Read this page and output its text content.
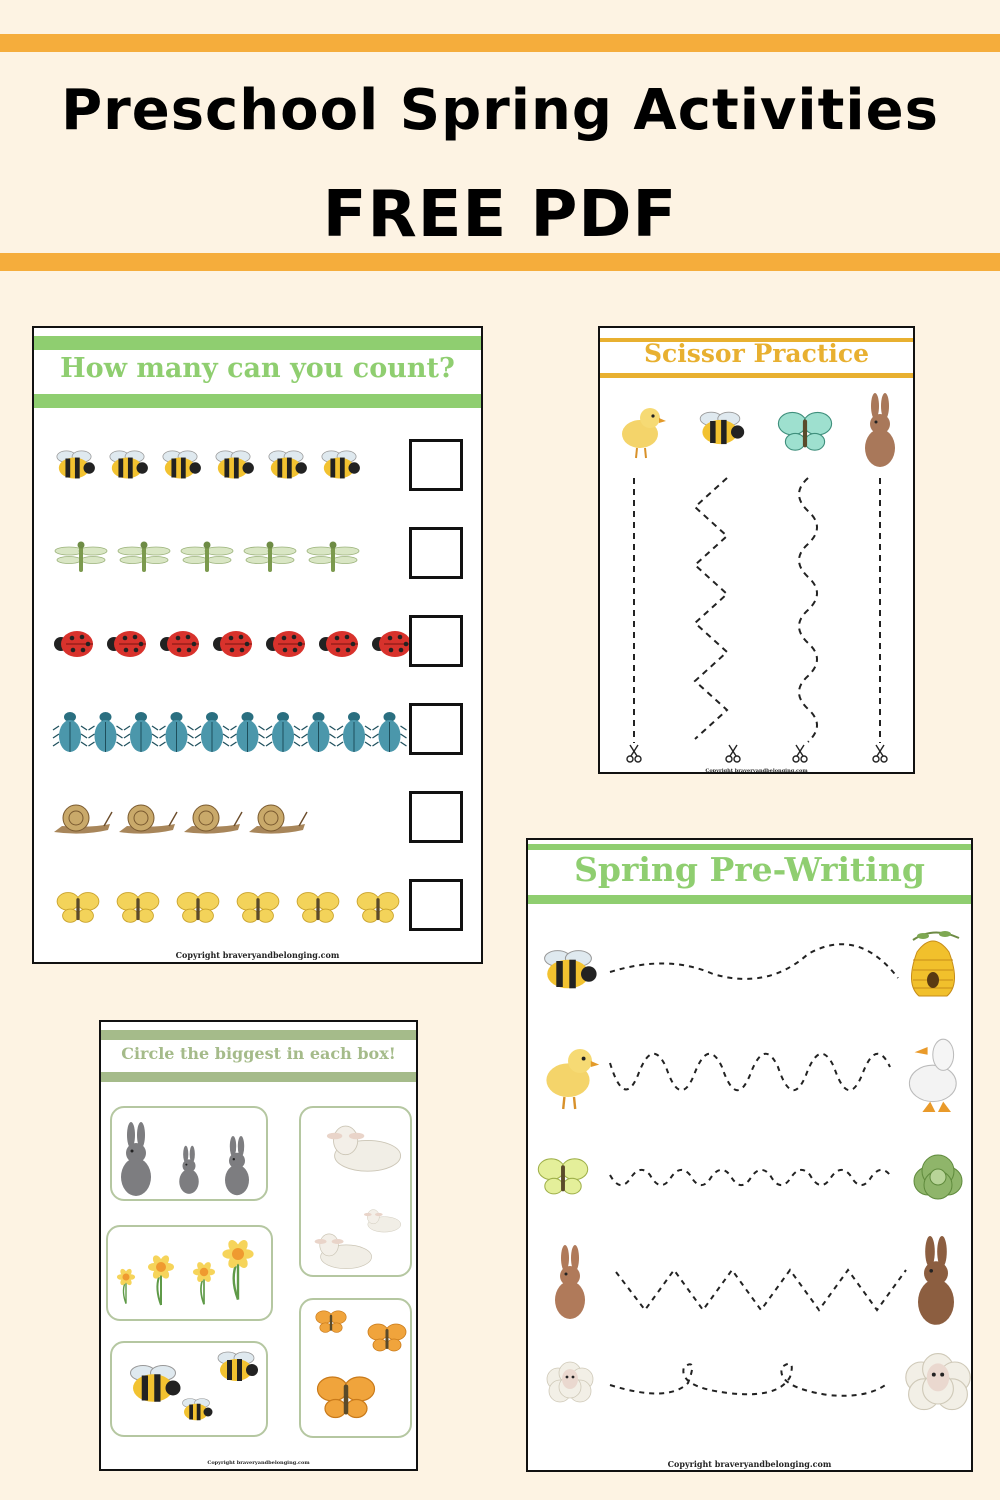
Preschool Spring Activities
FREE PDF
How many can you count?
Copyright braveryandbelonging.com
Scissor Practice
Copyright braveryandbelonging.com
Circle the biggest in each box!
Copyright braveryandbelonging.com
Spring Pre-Writing
Copyright braveryandbelonging.com
